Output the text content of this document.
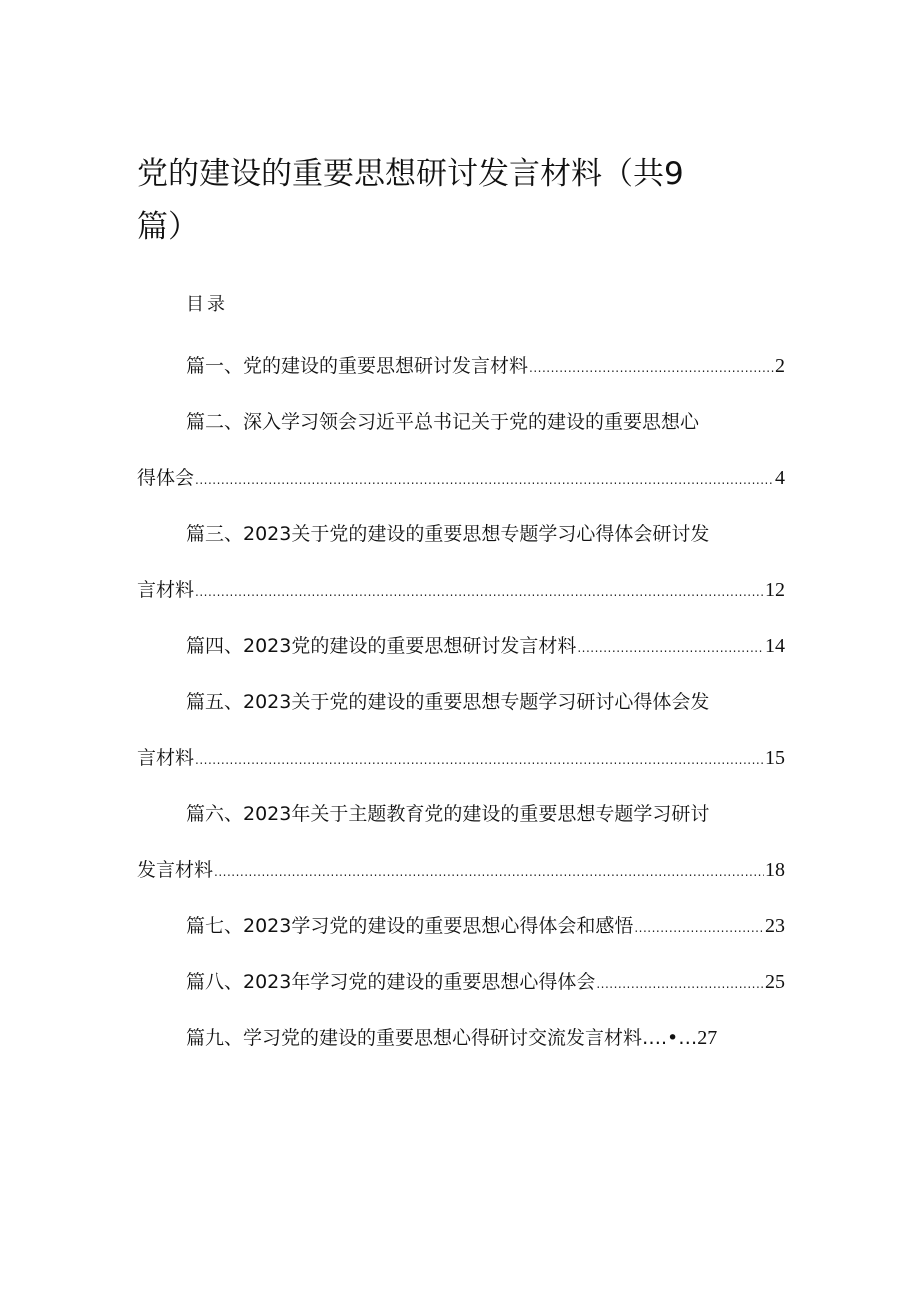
党的建设的重要思想研讨发言材料（共9
篇）
目录
篇一、党的建设的重要思想研讨发言材料 .....	2
篇二、深入学习领会习近平总书记关于党的建设的重要思想心
得体会 .....	4
篇三、2023关于党的建设的重要思想专题学习心得体会研讨发
言材料 .....	12
篇四、2023党的建设的重要思想研讨发言材料 .....	14
篇五、2023关于党的建设的重要思想专题学习研讨心得体会发
言材料 .....	15
篇六、2023年关于主题教育党的建设的重要思想专题学习研讨
发言材料 .....	18
篇七、2023学习党的建设的重要思想心得体会和感悟 .....	23
篇八、2023年学习党的建设的重要思想心得体会 .....	25
篇九、学习党的建设的重要思想心得研讨交流发言材料….•… 27
